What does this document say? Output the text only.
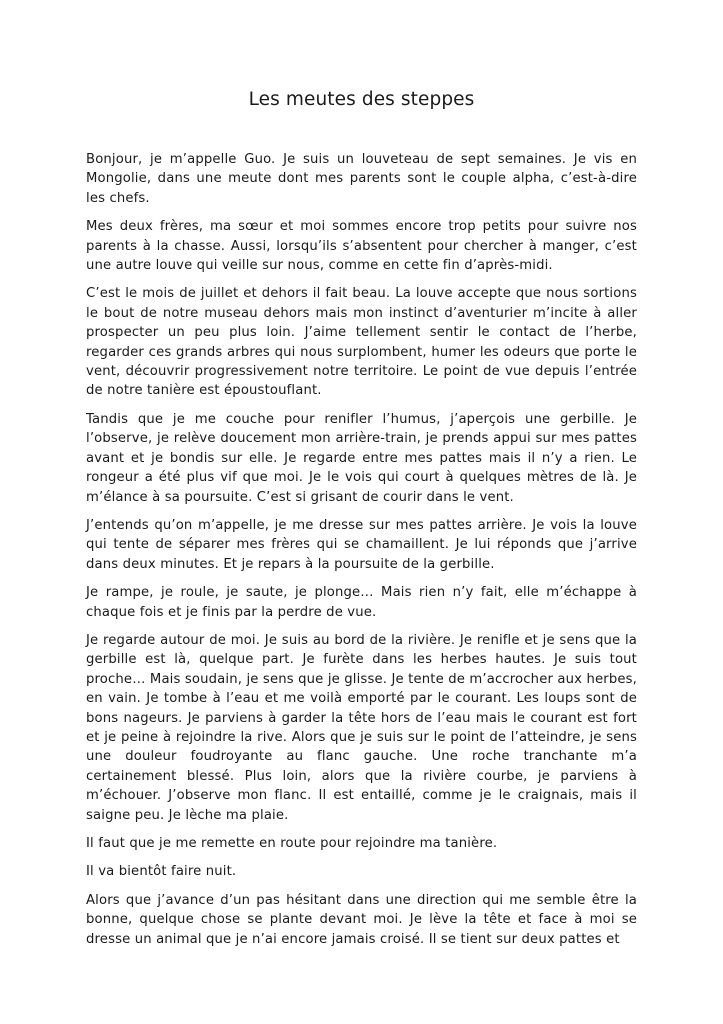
Les meutes des steppes

Bonjour, je m’appelle Guo. Je suis un louveteau de sept semaines. Je vis en Mongolie, dans une meute dont mes parents sont le couple alpha, c’est-à-dire les chefs.

Mes deux frères, ma sœur et moi sommes encore trop petits pour suivre nos parents à la chasse. Aussi, lorsqu’ils s’absentent pour chercher à manger, c’est une autre louve qui veille sur nous, comme en cette fin d’après-midi.

C’est le mois de juillet et dehors il fait beau. La louve accepte que nous sortions le bout de notre museau dehors mais mon instinct d’aventurier m’incite à aller prospecter un peu plus loin. J’aime tellement sentir le contact de l’herbe, regarder ces grands arbres qui nous surplombent, humer les odeurs que porte le vent, découvrir progressivement notre territoire. Le point de vue depuis l’entrée de notre tanière est époustouflant.

Tandis que je me couche pour renifler l’humus, j’aperçois une gerbille. Je l’observe, je relève doucement mon arrière-train, je prends appui sur mes pattes avant et je bondis sur elle. Je regarde entre mes pattes mais il n’y a rien. Le rongeur a été plus vif que moi. Je le vois qui court à quelques mètres de là. Je m’élance à sa poursuite. C’est si grisant de courir dans le vent.

J’entends qu’on m’appelle, je me dresse sur mes pattes arrière. Je vois la louve qui tente de séparer mes frères qui se chamaillent. Je lui réponds que j’arrive dans deux minutes. Et je repars à la poursuite de la gerbille.

Je rampe, je roule, je saute, je plonge… Mais rien n’y fait, elle m’échappe à chaque fois et je finis par la perdre de vue.

Je regarde autour de moi. Je suis au bord de la rivière. Je renifle et je sens que la gerbille est là, quelque part. Je furète dans les herbes hautes. Je suis tout proche… Mais soudain, je sens que je glisse. Je tente de m’accrocher aux herbes, en vain. Je tombe à l’eau et me voilà emporté par le courant. Les loups sont de bons nageurs. Je parviens à garder la tête hors de l’eau mais le courant est fort et je peine à rejoindre la rive. Alors que je suis sur le point de l’atteindre, je sens une douleur foudroyante au flanc gauche. Une roche tranchante m’a certainement blessé. Plus loin, alors que la rivière courbe, je parviens à m’échouer. J’observe mon flanc. Il est entaillé, comme je le craignais, mais il saigne peu. Je lèche ma plaie.

Il faut que je me remette en route pour rejoindre ma tanière.

Il va bientôt faire nuit.

Alors que j’avance d’un pas hésitant dans une direction qui me semble être la bonne, quelque chose se plante devant moi. Je lève la tête et face à moi se dresse un animal que je n’ai encore jamais croisé. Il se tient sur deux pattes et
